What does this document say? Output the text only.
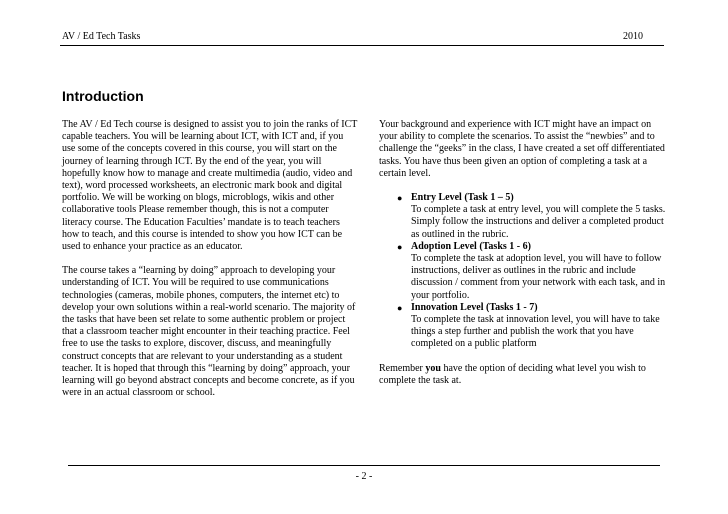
AV / Ed Tech Tasks	2010
Introduction

The AV / Ed Tech course is designed to assist you to join the ranks of ICT capable teachers. You will be learning about ICT, with ICT and, if you use some of the concepts covered in this course, you will start on the journey of learning through ICT. By the end of the year, you will hopefully know how to manage and create multimedia (audio, video and text), word processed worksheets, an electronic mark book and digital portfolio. We will be working on blogs, microblogs, wikis and other collaborative tools Please remember though, this is not a computer literacy course. The Education Faculties’ mandate is to teach teachers how to teach, and this course is intended to show you how ICT can be used to enhance your practice as an educator.

The course takes a “learning by doing” approach to developing your understanding of ICT. You will be required to use communications technologies (cameras, mobile phones, computers, the internet etc) to develop your own solutions within a real-world scenario. The majority of the tasks that have been set relate to some authentic problem or project that a classroom teacher might encounter in their teaching practice. Feel free to use the tasks to explore, discover, discuss, and meaningfully construct concepts that are relevant to your understanding as a student teacher. It is hoped that through this “learning by doing” approach, your learning will go beyond abstract concepts and become concrete, as if you were in an actual classroom or school.

Your background and experience with ICT might have an impact on your ability to complete the scenarios. To assist the “newbies” and to challenge the “geeks” in the class, I have created a set off differentiated tasks. You have thus been given an option of completing a task at a certain level.

● Entry Level (Task 1 – 5)
To complete a task at entry level, you will complete the 5 tasks. Simply follow the instructions and deliver a completed product as outlined in the rubric.
● Adoption Level (Tasks 1 - 6)
To complete the task at adoption level, you will have to follow instructions, deliver as outlines in the rubric and include discussion / comment from your network with each task, and in your portfolio.
● Innovation Level (Tasks 1 - 7)
To complete the task at innovation level, you will have to take things a step further and publish the work that you have completed on a public platform

Remember you have the option of deciding what level you wish to complete the task at.

- 2 -
